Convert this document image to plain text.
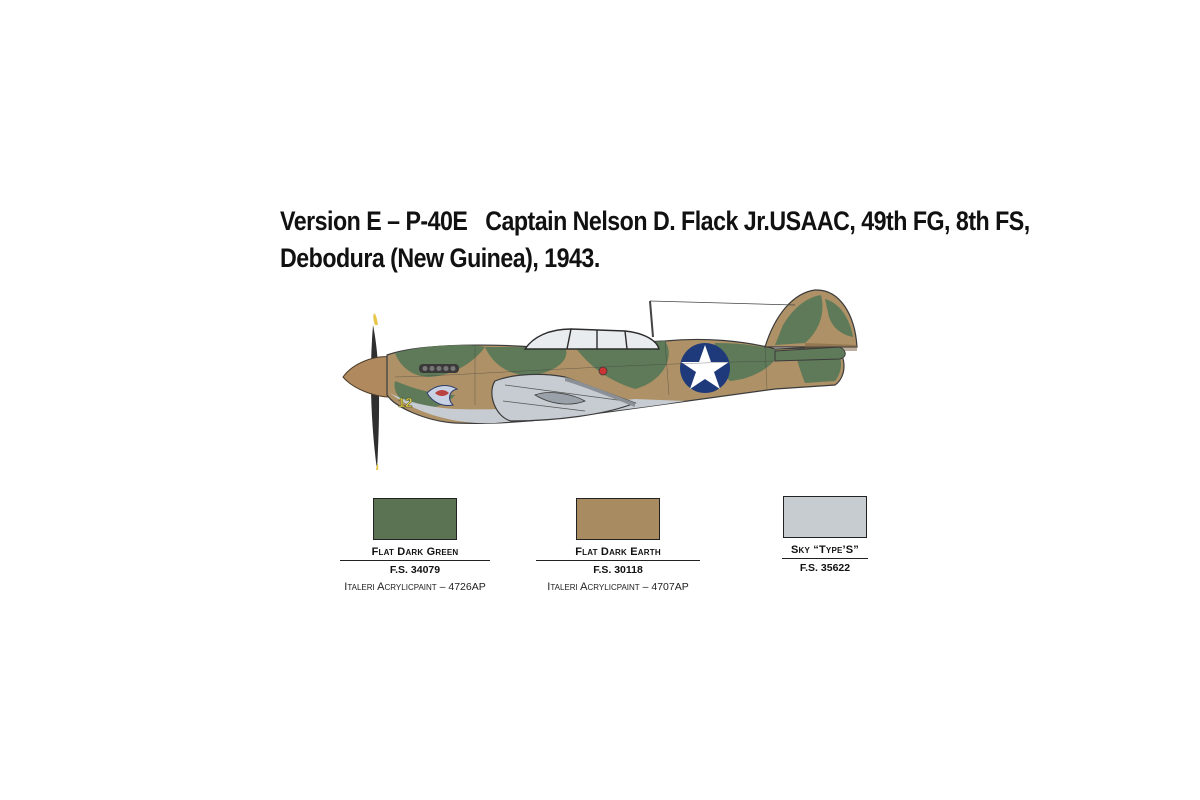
Version E – P-40E   Captain Nelson D. Flack Jr.USAAC, 49th FG, 8th FS,
Debodura (New Guinea), 1943.
12
Flat Dark Green
F.S. 34079
Italeri Acrylicpaint – 4726AP
Flat Dark Earth
F.S. 30118
Italeri Acrylicpaint – 4707AP
Sky “Type’S”
F.S. 35622
